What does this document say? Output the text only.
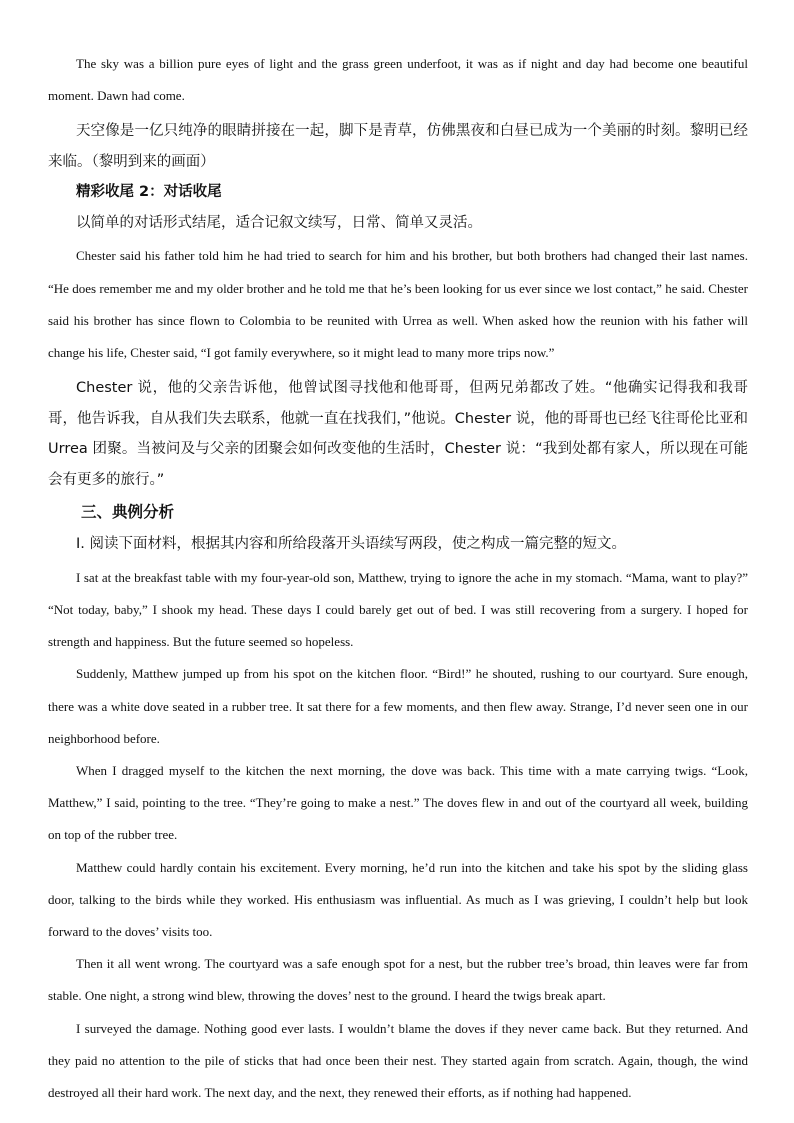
The sky was a billion pure eyes of light and the grass green underfoot, it was as if night and day had become one beautiful moment. Dawn had come.

天空像是一亿只纯净的眼睛拼接在一起，脚下是青草，仿佛黑夜和白昼已成为一个美丽的时刻。黎明已经来临。（黎明到来的画面）

精彩收尾 2：对话收尾

以简单的对话形式结尾，适合记叙文续写，日常、简单又灵活。

Chester said his father told him he had tried to search for him and his brother, but both brothers had changed their last names. “He does remember me and my older brother and he told me that he’s been looking for us ever since we lost contact,” he said. Chester said his brother has since flown to Colombia to be reunited with Urrea as well. When asked how the reunion with his father will change his life, Chester said, “I got family everywhere, so it might lead to many more trips now.”

Chester 说，他的父亲告诉他，他曾试图寻找他和他哥哥，但两兄弟都改了姓。“他确实记得我和我哥哥，他告诉我，自从我们失去联系，他就一直在找我们，”他说。Chester 说，他的哥哥也已经飞往哥伦比亚和 Urrea 团聚。当被问及与父亲的团聚会如何改变他的生活时，Chester 说：“我到处都有家人，所以现在可能会有更多的旅行。”

三、典例分析

Ⅰ. 阅读下面材料，根据其内容和所给段落开头语续写两段，使之构成一篇完整的短文。

I sat at the breakfast table with my four-year-old son, Matthew, trying to ignore the ache in my stomach. “Mama, want to play?” “Not today, baby,” I shook my head. These days I could barely get out of bed. I was still recovering from a surgery. I hoped for strength and happiness. But the future seemed so hopeless.

Suddenly, Matthew jumped up from his spot on the kitchen floor. “Bird!” he shouted, rushing to our courtyard. Sure enough, there was a white dove seated in a rubber tree. It sat there for a few moments, and then flew away. Strange, I’d never seen one in our neighborhood before.

When I dragged myself to the kitchen the next morning, the dove was back. This time with a mate carrying twigs. “Look, Matthew,” I said, pointing to the tree. “They’re going to make a nest.” The doves flew in and out of the courtyard all week, building on top of the rubber tree.

Matthew could hardly contain his excitement. Every morning, he’d run into the kitchen and take his spot by the sliding glass door, talking to the birds while they worked. His enthusiasm was influential. As much as I was grieving, I couldn’t help but look forward to the doves’ visits too.

Then it all went wrong. The courtyard was a safe enough spot for a nest, but the rubber tree’s broad, thin leaves were far from stable. One night, a strong wind blew, throwing the doves’ nest to the ground. I heard the twigs break apart.

I surveyed the damage. Nothing good ever lasts. I wouldn’t blame the doves if they never came back. But they returned. And they paid no attention to the pile of sticks that had once been their nest. They started again from scratch. Again, though, the wind destroyed all their hard work. The next day, and the next, they renewed their efforts, as if nothing had happened.
